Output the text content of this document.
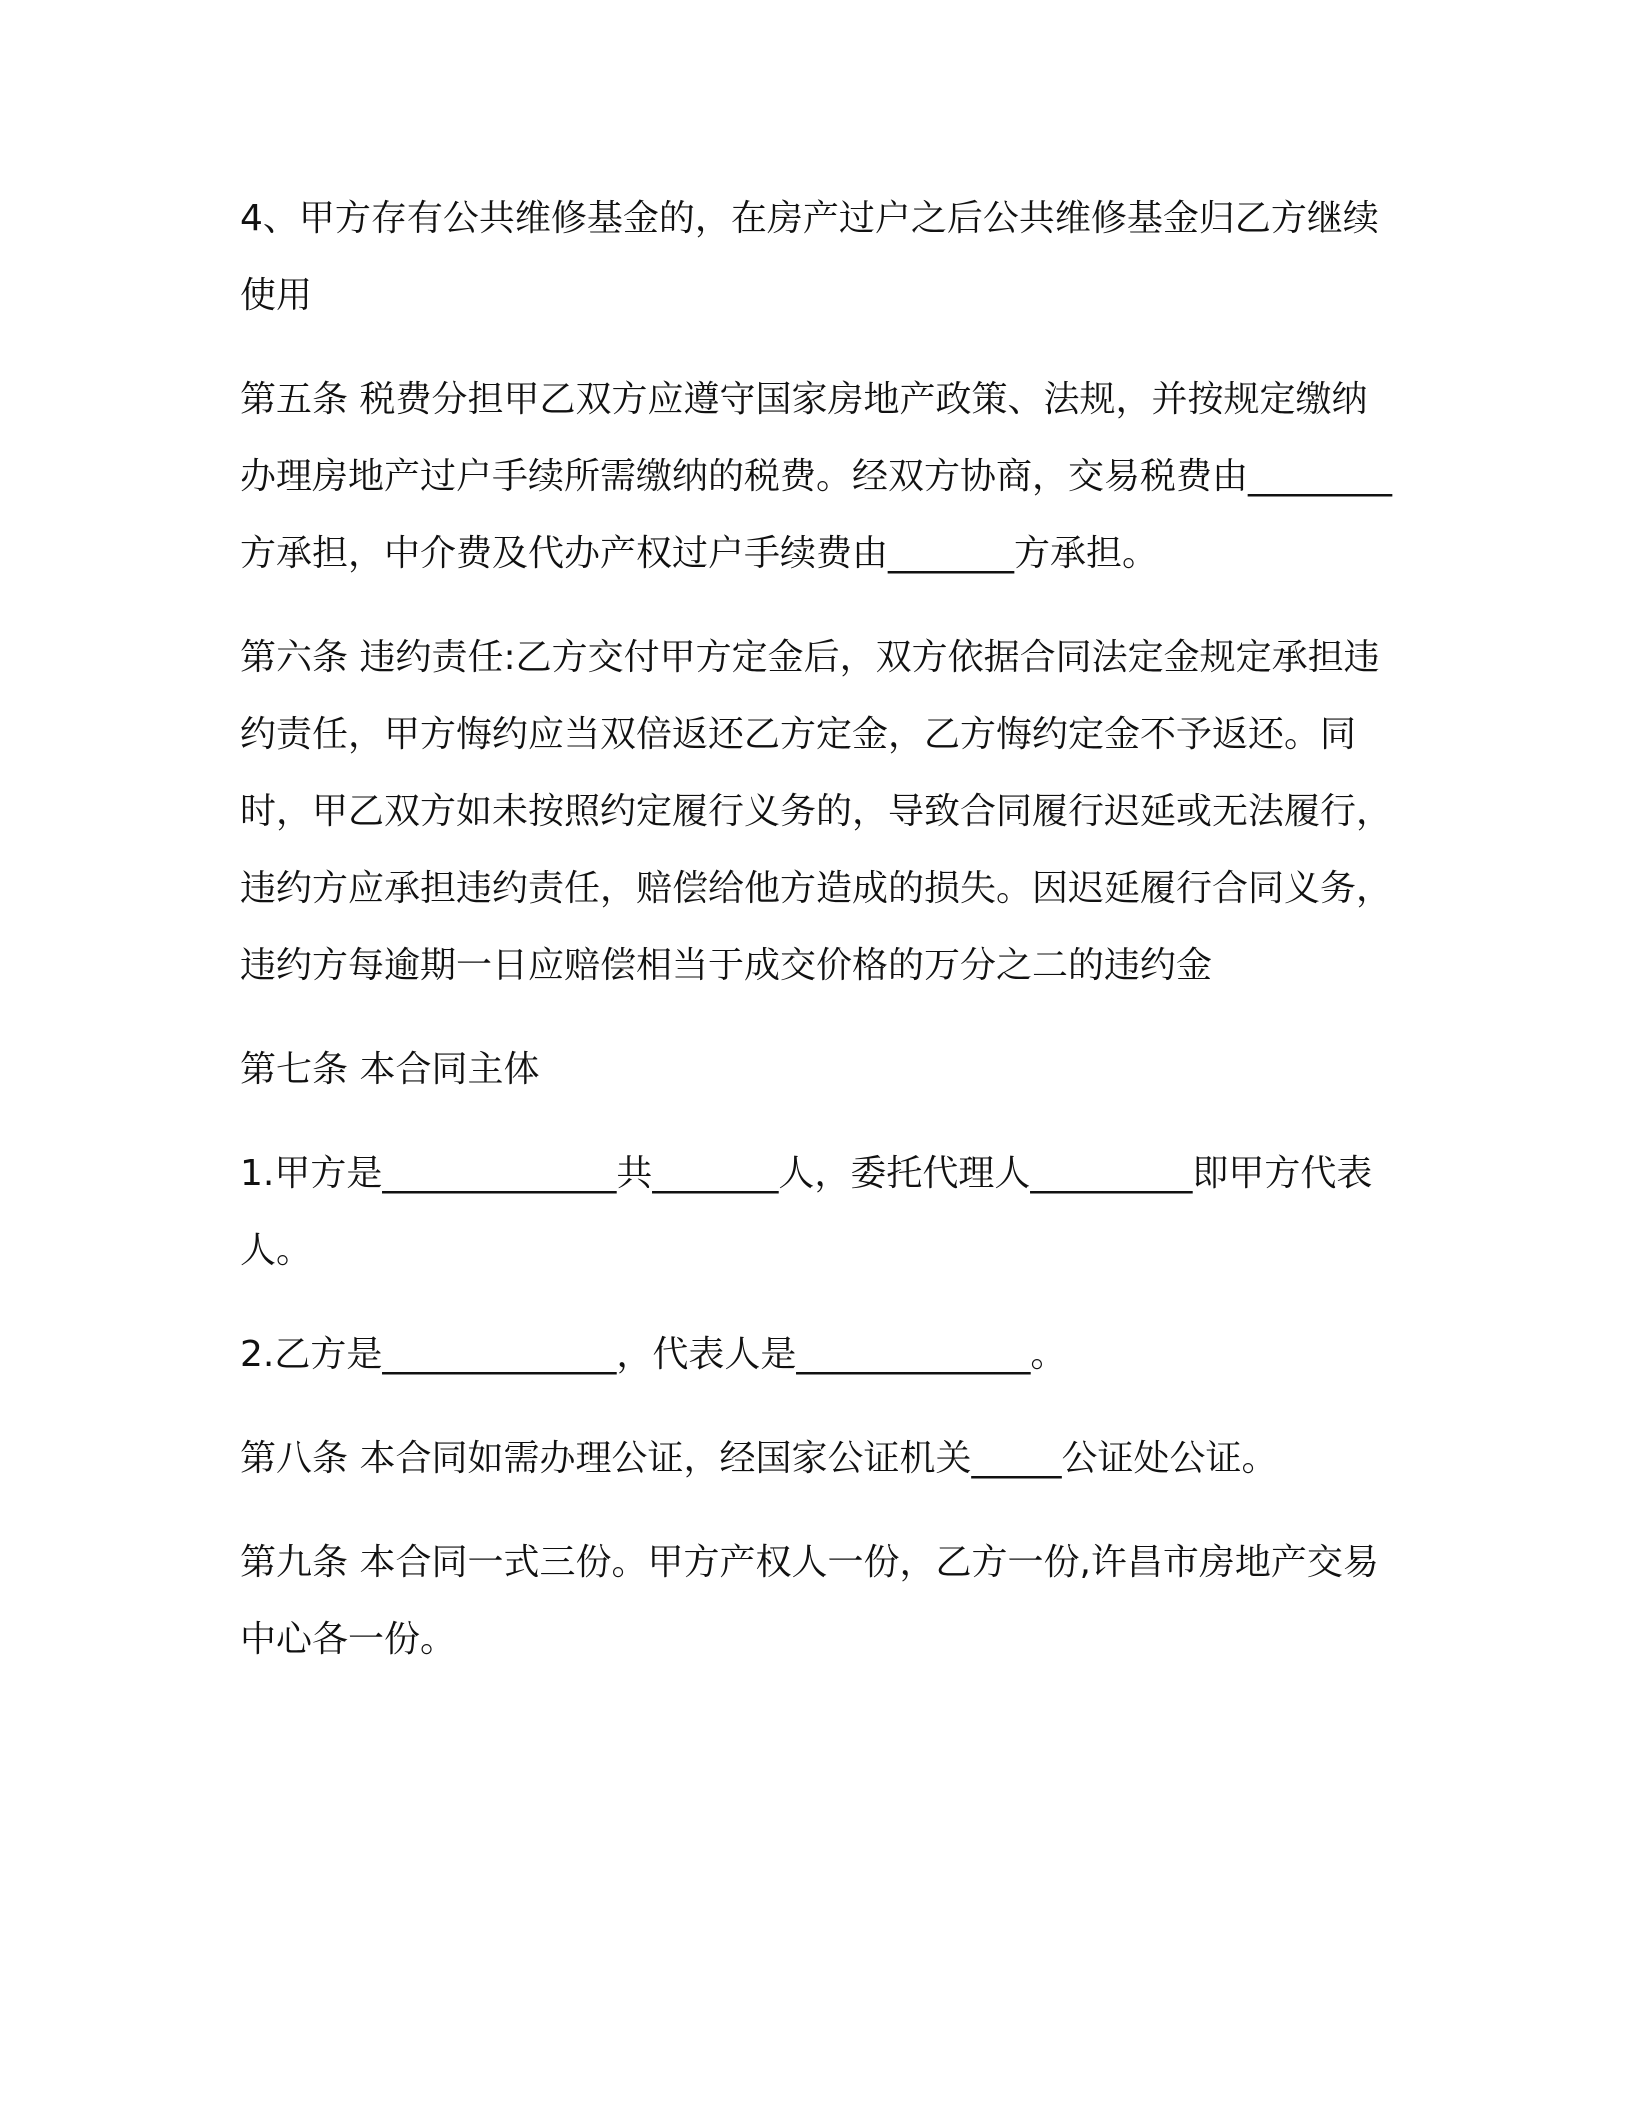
4、甲方存有公共维修基金的，在房产过户之后公共维修基金归乙方继续使用

第五条 税费分担甲乙双方应遵守国家房地产政策、法规，并按规定缴纳办理房地产过户手续所需缴纳的税费。经双方协商，交易税费由________方承担，中介费及代办产权过户手续费由_______方承担。

第六条 违约责任:乙方交付甲方定金后，双方依据合同法定金规定承担违约责任，甲方悔约应当双倍返还乙方定金，乙方悔约定金不予返还。同时，甲乙双方如未按照约定履行义务的，导致合同履行迟延或无法履行，违约方应承担违约责任，赔偿给他方造成的损失。因迟延履行合同义务，违约方每逾期一日应赔偿相当于成交价格的万分之二的违约金

第七条 本合同主体

1.甲方是_____________共_______人，委托代理人_________即甲方代表人。

2.乙方是_____________，代表人是_____________。

第八条 本合同如需办理公证，经国家公证机关_____公证处公证。

第九条 本合同一式三份。甲方产权人一份，乙方一份,许昌市房地产交易中心各一份。
